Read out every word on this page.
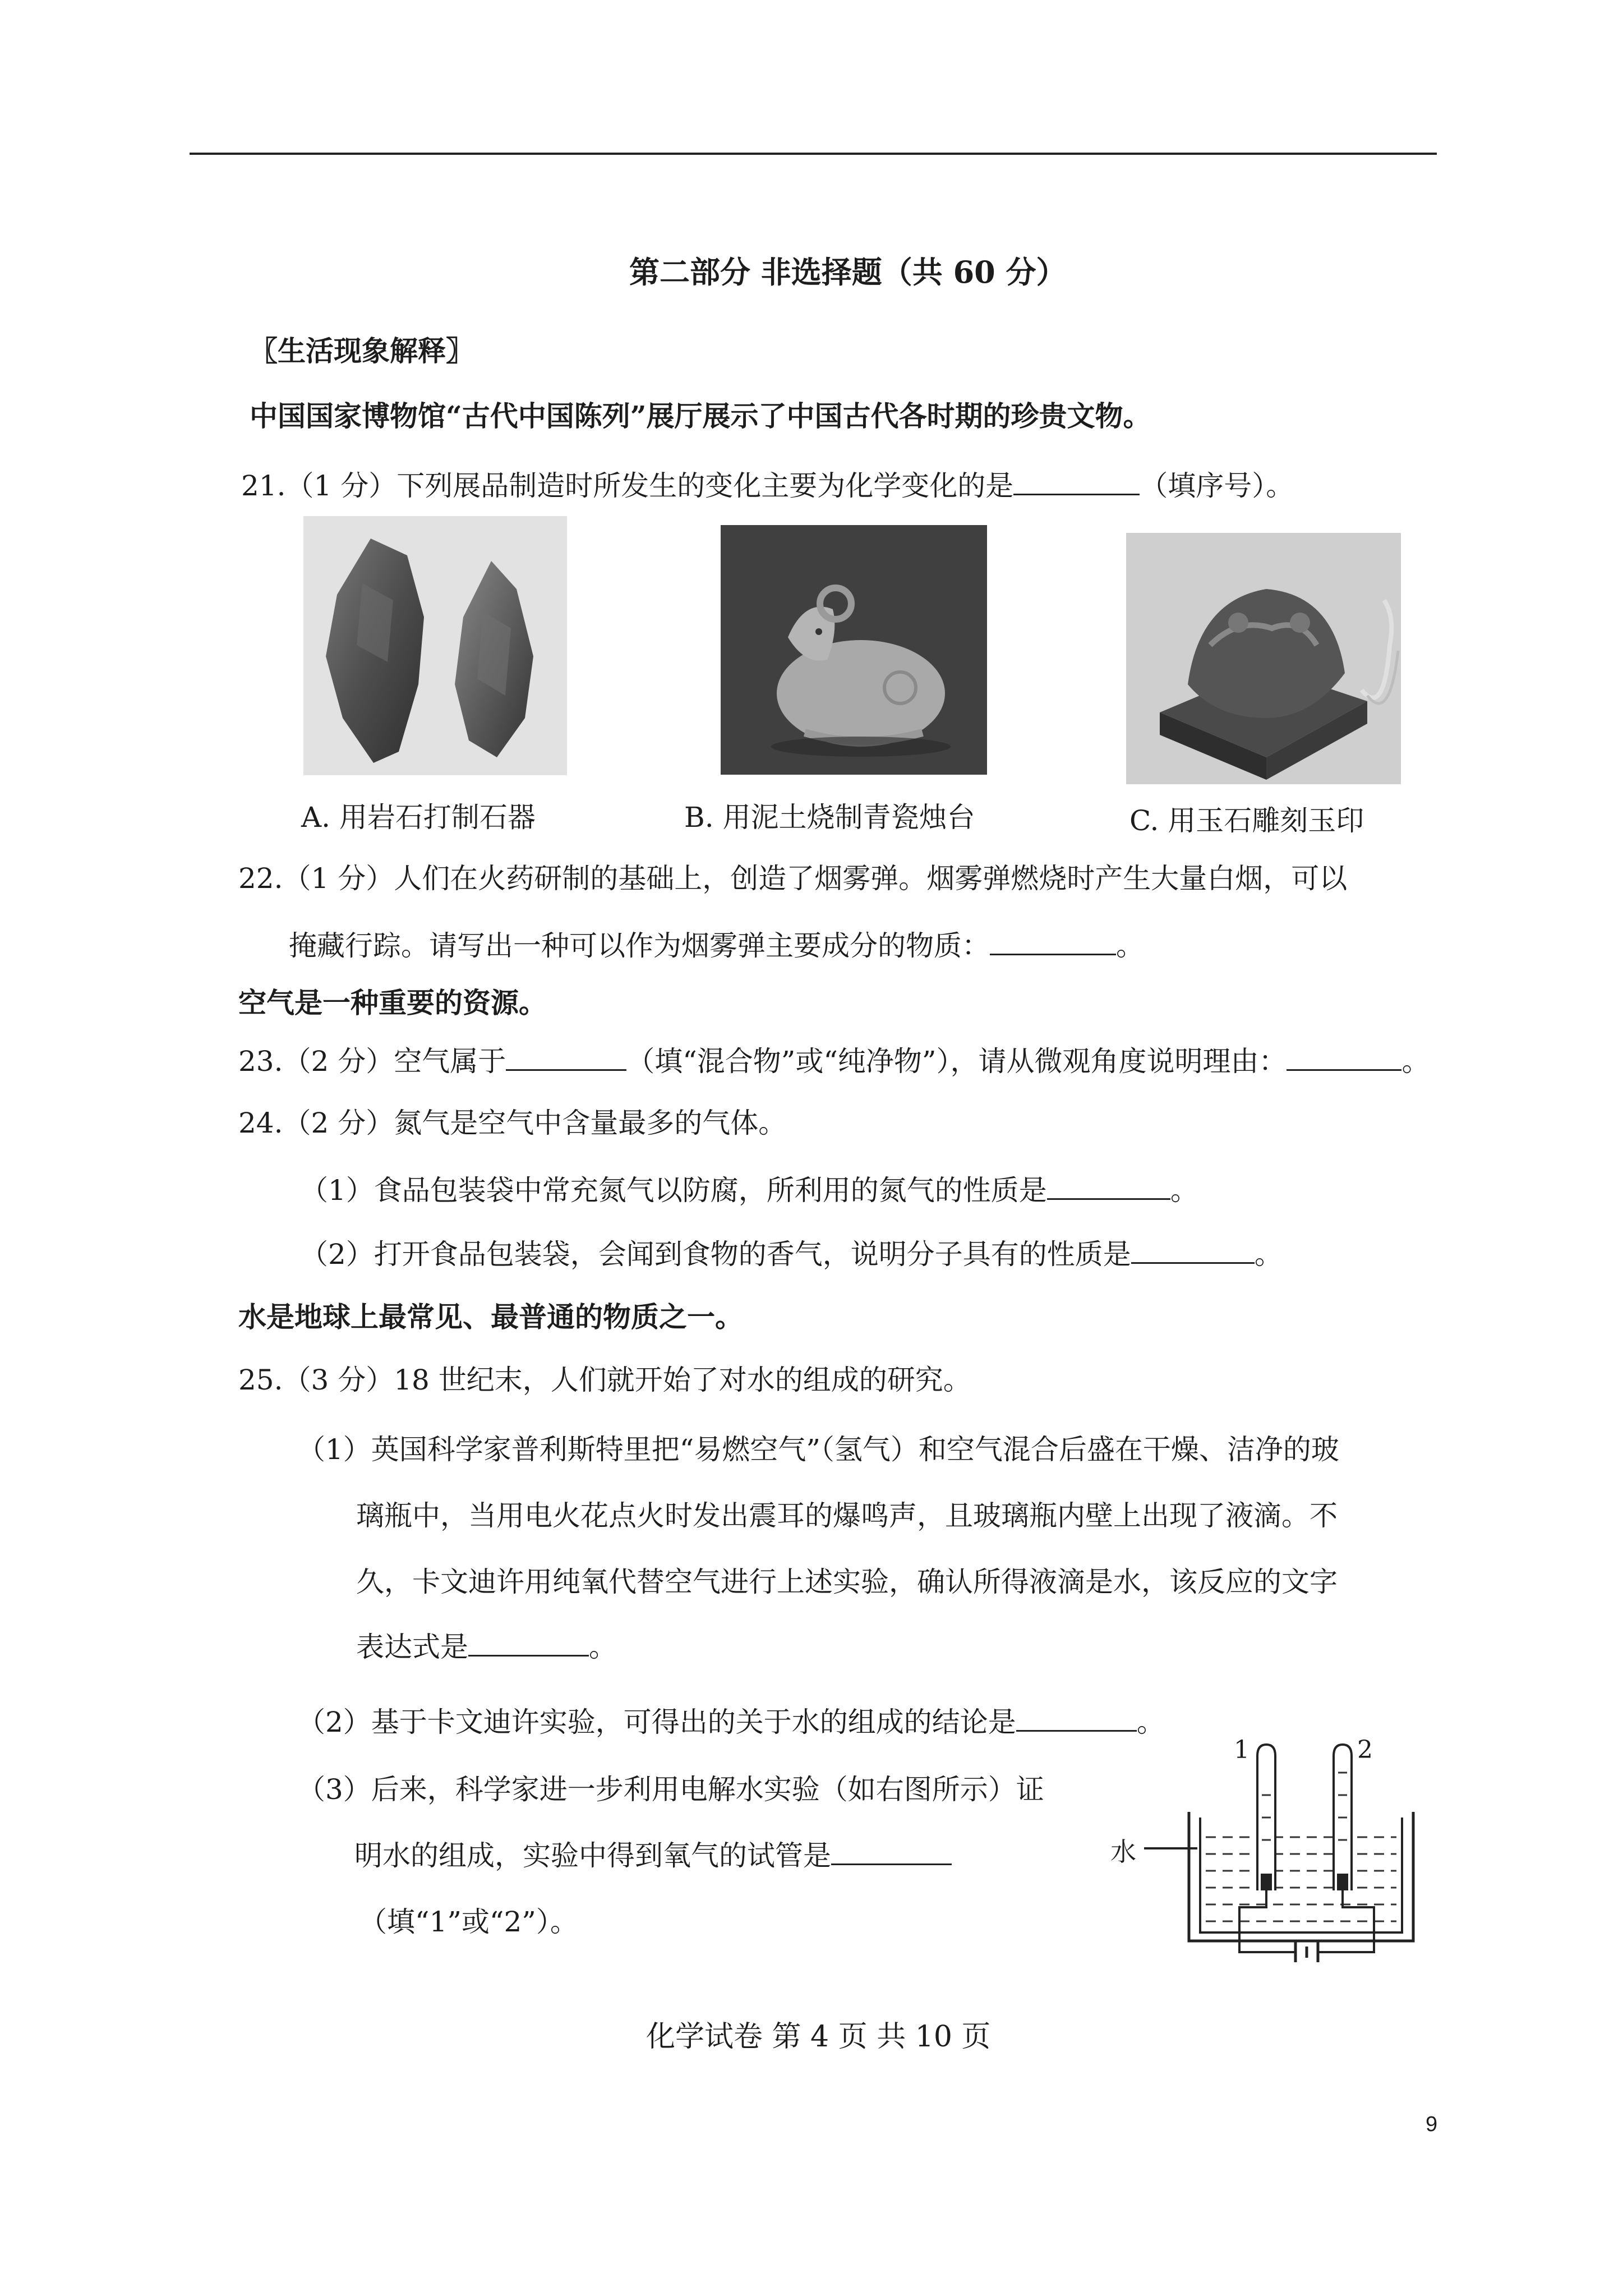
第二部分 非选择题（共 60 分）
〖生活现象解释〗
中国国家博物馆“古代中国陈列”展厅展示了中国古代各时期的珍贵文物。
21.（1 分）下列展品制造时所发生的变化主要为化学变化的是	（填序号）。
A. 用岩石打制石器	B. 用泥土烧制青瓷烛台	C. 用玉石雕刻玉印
22.（1 分）人们在火药研制的基础上，创造了烟雾弹。烟雾弹燃烧时产生大量白烟，可以
掩藏行踪。请写出一种可以作为烟雾弹主要成分的物质：	。
空气是一种重要的资源。
23.（2 分）空气属于	（填“混合物”或“纯净物”），请从微观角度说明理由：	。
24.（2 分）氮气是空气中含量最多的气体。
（1）食品包装袋中常充氮气以防腐，所利用的氮气的性质是	。
（2）打开食品包装袋，会闻到食物的香气，说明分子具有的性质是	。
水是地球上最常见、最普通的物质之一。
25.（3 分）18 世纪末，人们就开始了对水的组成的研究。
（1）英国科学家普利斯特里把“易燃空气”（氢气）和空气混合后盛在干燥、洁净的玻
璃瓶中，当用电火花点火时发出震耳的爆鸣声，且玻璃瓶内壁上出现了液滴。不
久，卡文迪许用纯氧代替空气进行上述实验，确认所得液滴是水，该反应的文字
表达式是	。
（2）基于卡文迪许实验，可得出的关于水的组成的结论是	。
（3）后来，科学家进一步利用电解水实验（如右图所示）证
明水的组成，实验中得到氧气的试管是
（填“1”或“2”）。
1	2
水
化学试卷 第 4 页 共 10 页
9
